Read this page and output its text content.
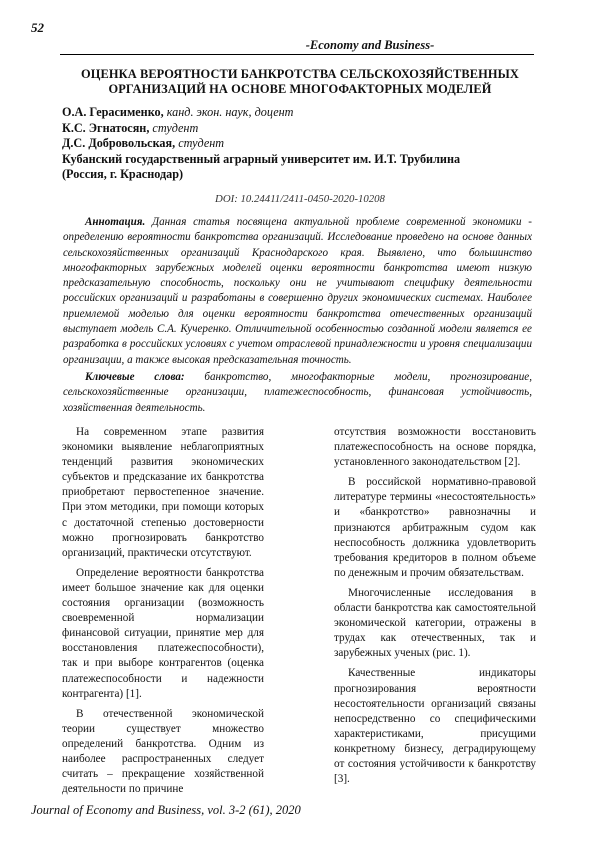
52
-Economy and Business-
ОЦЕНКА ВЕРОЯТНОСТИ БАНКРОТСТВА СЕЛЬСКОХОЗЯЙСТВЕННЫХ
ОРГАНИЗАЦИЙ НА ОСНОВЕ МНОГОФАКТОРНЫХ МОДЕЛЕЙ
О.А. Герасименко, канд. экон. наук, доцент
К.С. Эгнатосян, студент
Д.С. Добровольская, студент
Кубанский государственный аграрный университет им. И.Т. Трубилина
(Россия, г. Краснодар)
DOI: 10.24411/2411-0450-2020-10208
Аннотация. Данная статья посвящена актуальной проблеме современной экономики - определению вероятности банкротства организаций. Исследование проведено на основе данных сельскохозяйственных организаций Краснодарского края. Выявлено, что большинство многофакторных зарубежных моделей оценки вероятности банкротства имеют низкую предсказательную способность, поскольку они не учитывают специфику деятельности российских организаций и разработаны в совершенно других экономических системах. Наиболее приемлемой моделью для оценки вероятности банкротства отечественных организаций выступает модель С.А. Кучеренко. Отличительной особенностью созданной модели является ее разработка в российских условиях с учетом отраслевой принадлежности и уровня специализации организации, а также высокая предсказательная точность.
Ключевые слова: банкротство, многофакторные модели, прогнозирование, сельскохозяйственные организации, платежеспособность, финансовая устойчивость, хозяйственная деятельность.

На современном этапе развития экономики выявление неблагоприятных тенденций развития экономических субъектов и предсказание их банкротства приобретают первостепенное значение. При этом методики, при помощи которых с достаточной степенью достоверности можно прогнозировать банкротство организаций, практически отсутствуют.

Определение вероятности банкротства имеет большое значение как для оценки состояния организации (возможность своевременной нормализации финансовой ситуации, принятие мер для восстановления платежеспособности), так и при выборе контрагентов (оценка платежеспособности и надежности контрагента) [1].

В отечественной экономической теории существует множество определений банкротства. Одним из наиболее распространенных следует считать – прекращение хозяйственной деятельности по причине

отсутствия возможности восстановить платежеспособность на основе порядка, установленного законодательством [2].

В российской нормативно-правовой литературе термины «несостоятельность» и «банкротство» равнозначны и признаются арбитражным судом как неспособность должника удовлетворить требования кредиторов в полном объеме по денежным и прочим обязательствам.

Многочисленные исследования в области банкротства как самостоятельной экономической категории, отражены в трудах как отечественных, так и зарубежных ученых (рис. 1).

Качественные индикаторы прогнозирования вероятности несостоятельности организаций связаны непосредственно со специфическими характеристиками, присущими конкретному бизнесу, деградирующему от состояния устойчивости к банкротству [3].

Journal of Economy and Business, vol. 3-2 (61), 2020
